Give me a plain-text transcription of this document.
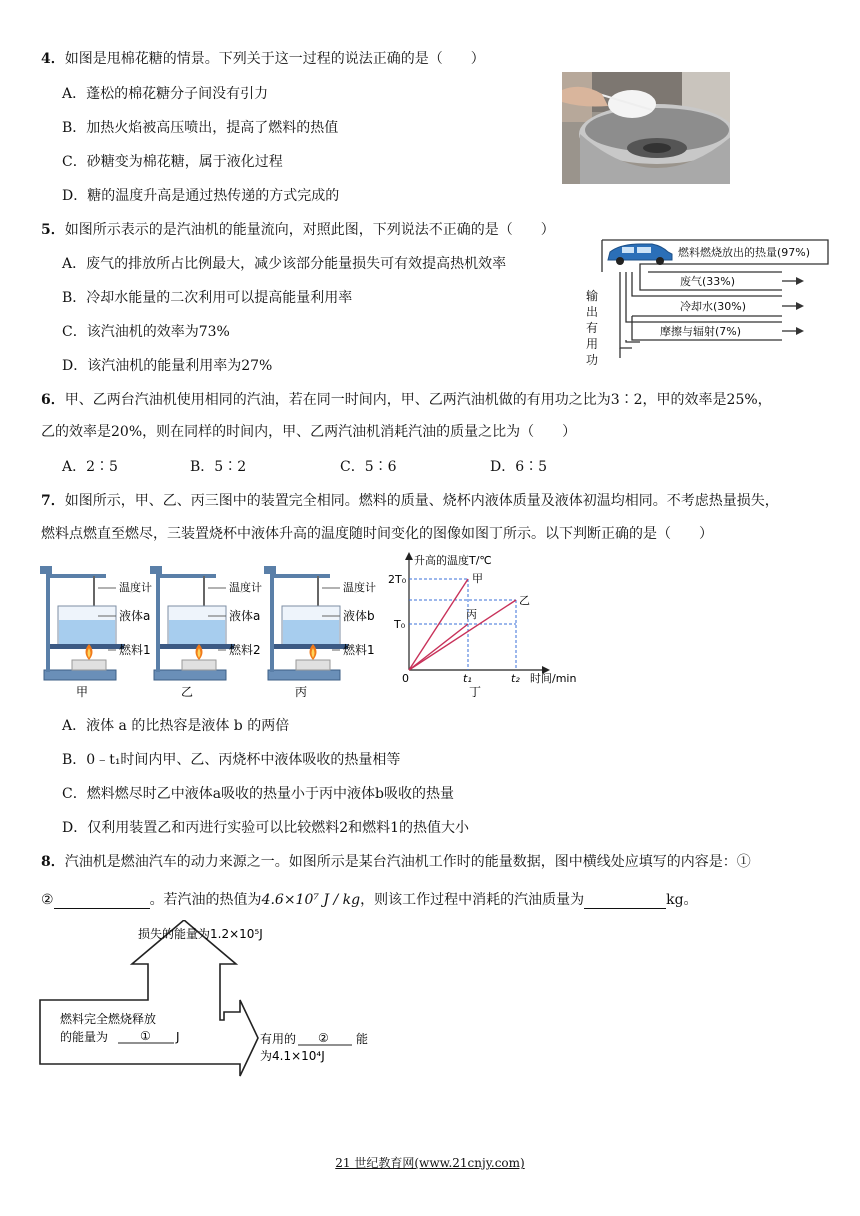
4．如图是甩棉花糖的情景。下列关于这一过程的说法正确的是（　　）
A．蓬松的棉花糖分子间没有引力
B．加热火焰被高压喷出，提高了燃料的热值
C．砂糖变为棉花糖，属于液化过程
D．糖的温度升高是通过热传递的方式完成的
5．如图所示表示的是汽油机的能量流向，对照此图，下列说法不正确的是（　　）
A．废气的排放所占比例最大，减少该部分能量损失可有效提高热机效率
B．冷却水能量的二次利用可以提高能量利用率
C．该汽油机的效率为73%
D．该汽油机的能量利用率为27%
燃料燃烧放出的热量(97%)
废气(33%)
冷却水(30%)
摩擦与辐射(7%)
输
出
有
用
功
6．甲、乙两台汽油机使用相同的汽油，若在同一时间内，甲、乙两汽油机做的有用功之比为3∶2，甲的效率是25%，
乙的效率是20%，则在同样的时间内，甲、乙两汽油机消耗汽油的质量之比为（　　）
A．2∶5	B．5∶2	C．5∶6	D．6∶5
7．如图所示，甲、乙、丙三图中的装置完全相同。燃料的质量、烧杯内液体质量及液体初温均相同。不考虑热量损失，
燃料点燃直至燃尽，三装置烧杯中液体升高的温度随时间变化的图像如图丁所示。以下判断正确的是（　　）
温度计
液体a
燃料1
甲
温度计
液体a
燃料2
乙
温度计
液体b
燃料1
丙
升高的温度T/℃
2T₀
T₀
0	t₁	t₂ 时间/min
甲
丙
乙
丁
A．液体 a 的比热容是液体 b 的两倍
B．0﹣t₁时间内甲、乙、丙烧杯中液体吸收的热量相等
C．燃料燃尽时乙中液体a吸收的热量小于丙中液体b吸收的热量
D．仅利用装置乙和丙进行实验可以比较燃料2和燃料1的热值大小
8．汽油机是燃油汽车的动力来源之一。如图所示是某台汽油机工作时的能量数据，图中横线处应填写的内容是：①
②	。若汽油的热值为4.6×10⁷ J / kg，则该工作过程中消耗的汽油质量为	kg。
燃料完全燃烧释放
的能量为	① J
损失的能量为1.2×10⁵J
有用的 ② 能
为4.1×10⁴J
21 世纪教育网(www.21cnjy.com)
